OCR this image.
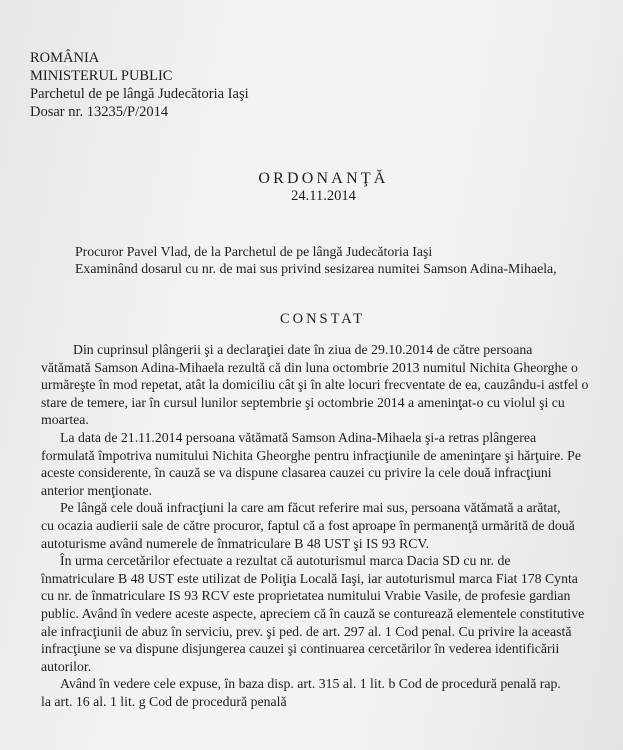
ROMÂNIA
MINISTERUL PUBLIC
Parchetul de pe lângă Judecătoria Iaşi
Dosar nr. 13235/P/2014
ORDONANŢĂ
24.11.2014
Procuror Pavel Vlad, de la Parchetul de pe lângă Judecătoria Iaşi
Examinând dosarul cu nr. de mai sus privind sesizarea numitei Samson Adina-Mihaela,
CONSTAT
Din cuprinsul plângerii şi a declaraţiei date în ziua de 29.10.2014 de către persoana
vătămată Samson Adina-Mihaela rezultă că din luna octombrie 2013 numitul Nichita Gheorghe o
urmăreşte în mod repetat, atât la domiciliu cât şi în alte locuri frecventate de ea, cauzându-i astfel o
stare de temere, iar în cursul lunilor septembrie şi octombrie 2014 a ameninţat-o cu violul şi cu
moartea.
La data de 21.11.2014 persoana vătămată Samson Adina-Mihaela şi-a retras plângerea
formulată împotriva numitului Nichita Gheorghe pentru infracţiunile de ameninţare şi hărţuire. Pe
aceste considerente, în cauză se va dispune clasarea cauzei cu privire la cele două infracţiuni
anterior menţionate.
Pe lângă cele două infracţiuni la care am făcut referire mai sus, persoana vătămată a arătat,
cu ocazia audierii sale de către procuror, faptul că a fost aproape în permanenţă urmărită de două
autoturisme având numerele de înmatriculare B 48 UST şi IS 93 RCV.
În urma cercetărilor efectuate a rezultat că autoturismul marca Dacia SD cu nr. de
înmatriculare B 48 UST este utilizat de Poliţia Locală Iaşi, iar autoturismul marca Fiat 178 Cynta
cu nr. de înmatriculare IS 93 RCV este proprietatea numitului Vrabie Vasile, de profesie gardian
public. Având în vedere aceste aspecte, apreciem că în cauză se conturează elementele constitutive
ale infracţiunii de abuz în serviciu, prev. şi ped. de art. 297 al. 1 Cod penal. Cu privire la această
infracţiune se va dispune disjungerea cauzei şi continuarea cercetărilor în vederea identificării
autorilor.
Având în vedere cele expuse, în baza disp. art. 315 al. 1 lit. b Cod de procedură penală rap.
la art. 16 al. 1 lit. g Cod de procedură penală
